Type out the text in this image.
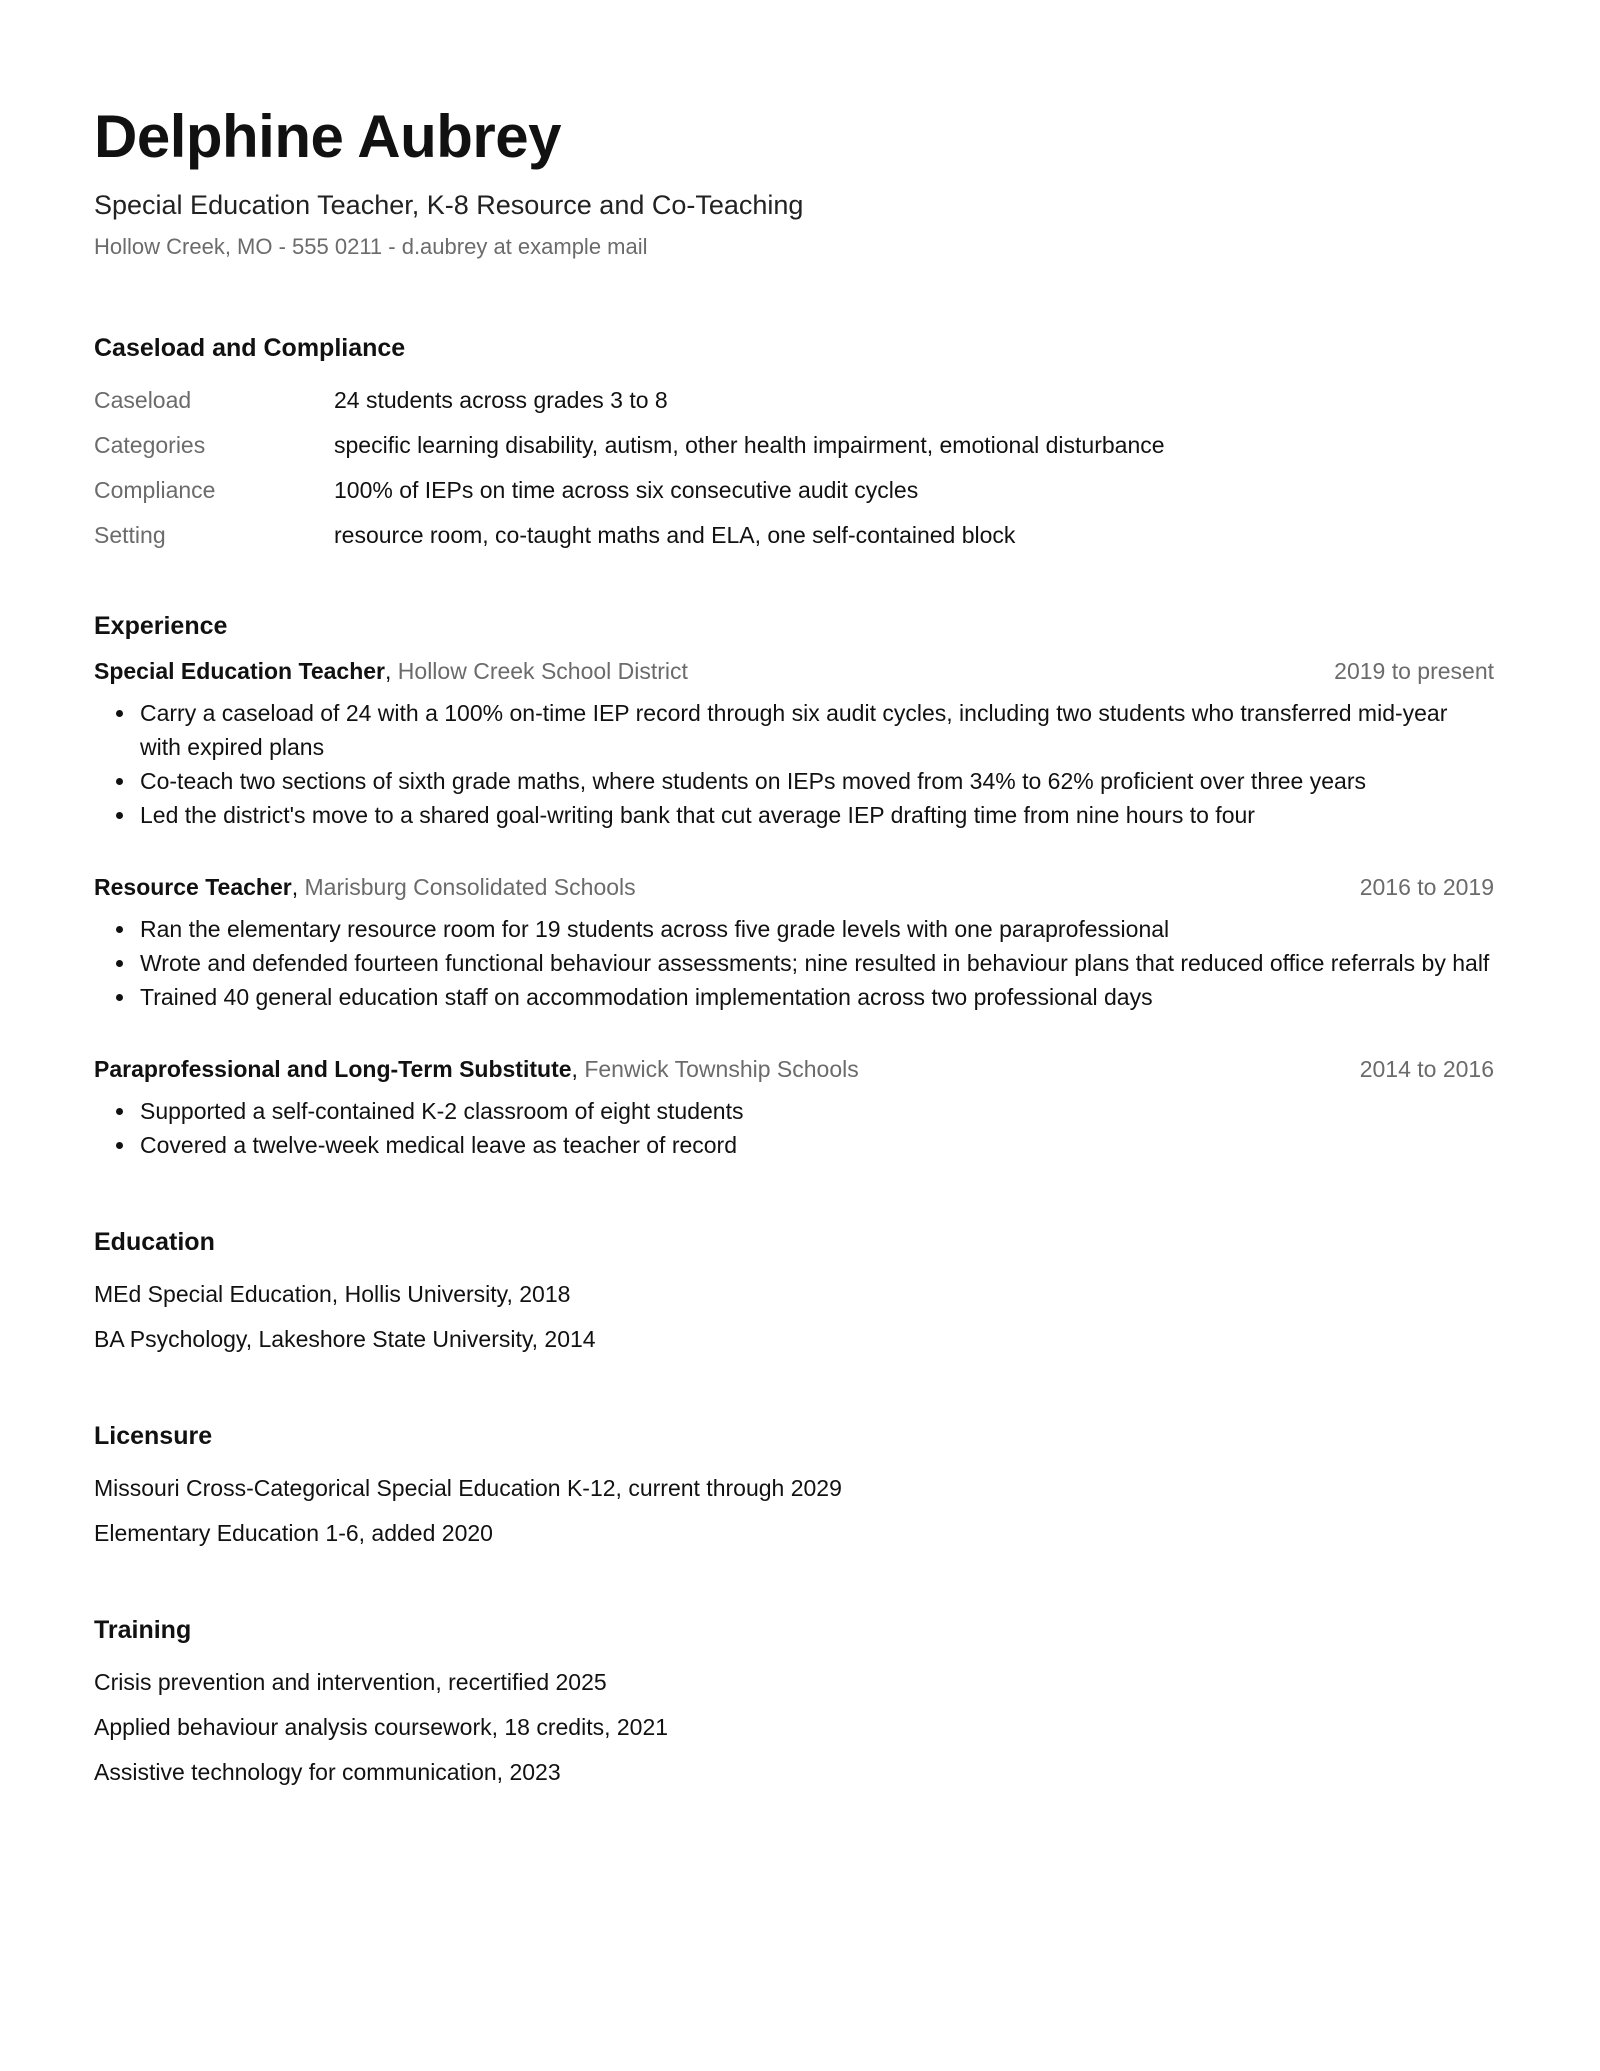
Delphine Aubrey
Special Education Teacher, K-8 Resource and Co-Teaching
Hollow Creek, MO - 555 0211 - d.aubrey at example mail
Caseload and Compliance
Caseload	24 students across grades 3 to 8
Categories	specific learning disability, autism, other health impairment, emotional disturbance
Compliance	100% of IEPs on time across six consecutive audit cycles
Setting	resource room, co-taught maths and ELA, one self-contained block
Experience
Special Education Teacher, Hollow Creek School District	2019 to present
Carry a caseload of 24 with a 100% on-time IEP record through six audit cycles, including two students who transferred mid-year with expired plans
Co-teach two sections of sixth grade maths, where students on IEPs moved from 34% to 62% proficient over three years
Led the district's move to a shared goal-writing bank that cut average IEP drafting time from nine hours to four
Resource Teacher, Marisburg Consolidated Schools	2016 to 2019
Ran the elementary resource room for 19 students across five grade levels with one paraprofessional
Wrote and defended fourteen functional behaviour assessments; nine resulted in behaviour plans that reduced office referrals by half
Trained 40 general education staff on accommodation implementation across two professional days
Paraprofessional and Long-Term Substitute, Fenwick Township Schools	2014 to 2016
Supported a self-contained K-2 classroom of eight students
Covered a twelve-week medical leave as teacher of record
Education
MEd Special Education, Hollis University, 2018
BA Psychology, Lakeshore State University, 2014
Licensure
Missouri Cross-Categorical Special Education K-12, current through 2029
Elementary Education 1-6, added 2020
Training
Crisis prevention and intervention, recertified 2025
Applied behaviour analysis coursework, 18 credits, 2021
Assistive technology for communication, 2023
